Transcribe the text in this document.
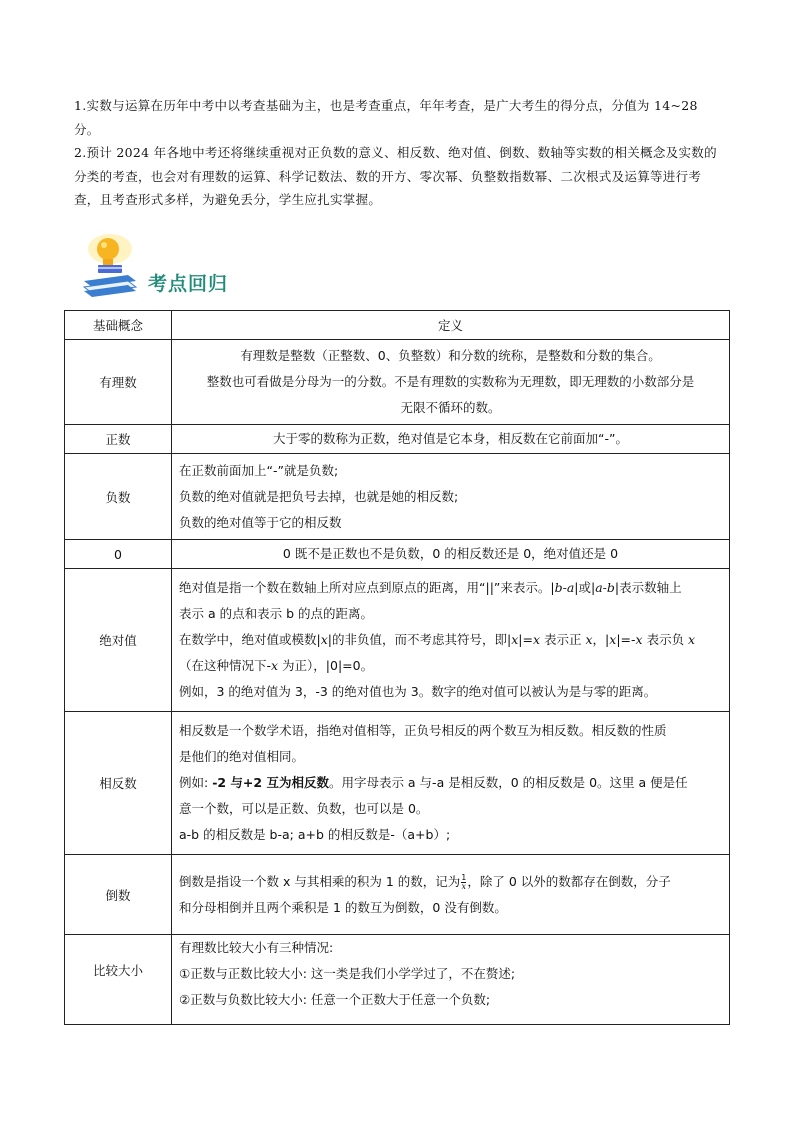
1.实数与运算在历年中考中以考查基础为主，也是考查重点，年年考查，是广大考生的得分点，分值为 14~28 分。

2.预计 2024 年各地中考还将继续重视对正负数的意义、相反数、绝对值、倒数、数轴等实数的相关概念及实数的分类的考查，也会对有理数的运算、科学记数法、数的开方、零次幂、负整数指数幂、二次根式及运算等进行考查，且考查形式多样，为避免丢分，学生应扎实掌握。

考点回归
基础概念	定义
有理数	有理数是整数（正整数、0、负整数）和分数的统称，是整数和分数的集合。
整数也可看做是分母为一的分数。不是有理数的实数称为无理数，即无理数的小数部分是
无限不循环的数。

正数	大于零的数称为正数，绝对值是它本身，相反数在它前面加“-”。

负数	在正数前面加上“-”就是负数;
负数的绝对值就是把负号去掉，也就是她的相反数;
负数的绝对值等于它的相反数

0	0 既不是正数也不是负数，0 的相反数还是 0，绝对值还是 0

绝对值	绝对值是指一个数在数轴上所对应点到原点的距离，用“||”来表示。|b-a|或|a-b|表示数轴上
表示 a 的点和表示 b 的点的距离。
在数学中，绝对值或模数|x|的非负值，而不考虑其符号，即|x|=x 表示正 x，|x|=-x 表示负 x
（在这种情况下-x 为正），|0|=0。
例如，3 的绝对值为 3，-3 的绝对值也为 3。数字的绝对值可以被认为是与零的距离。

相反数	相反数是一个数学术语，指绝对值相等，正负号相反的两个数互为相反数。相反数的性质
是他们的绝对值相同。
例如: -2 与+2 互为相反数。用字母表示 a 与-a 是相反数，0 的相反数是 0。这里 a 便是任
意一个数，可以是正数、负数，也可以是 0。
a-b 的相反数是 b-a; a+b 的相反数是-（a+b）;

倒数	倒数是指设一个数 x 与其相乘的积为 1 的数，记为 $\frac{1}{x}$ ，除了 0 以外的数都存在倒数，分子
和分母相倒并且两个乘积是 1 的数互为倒数，0 没有倒数。

比较大小	有理数比较大小有三种情况:
①正数与正数比较大小: 这一类是我们小学学过了，不在赘述;
②正数与负数比较大小: 任意一个正数大于任意一个负数;
